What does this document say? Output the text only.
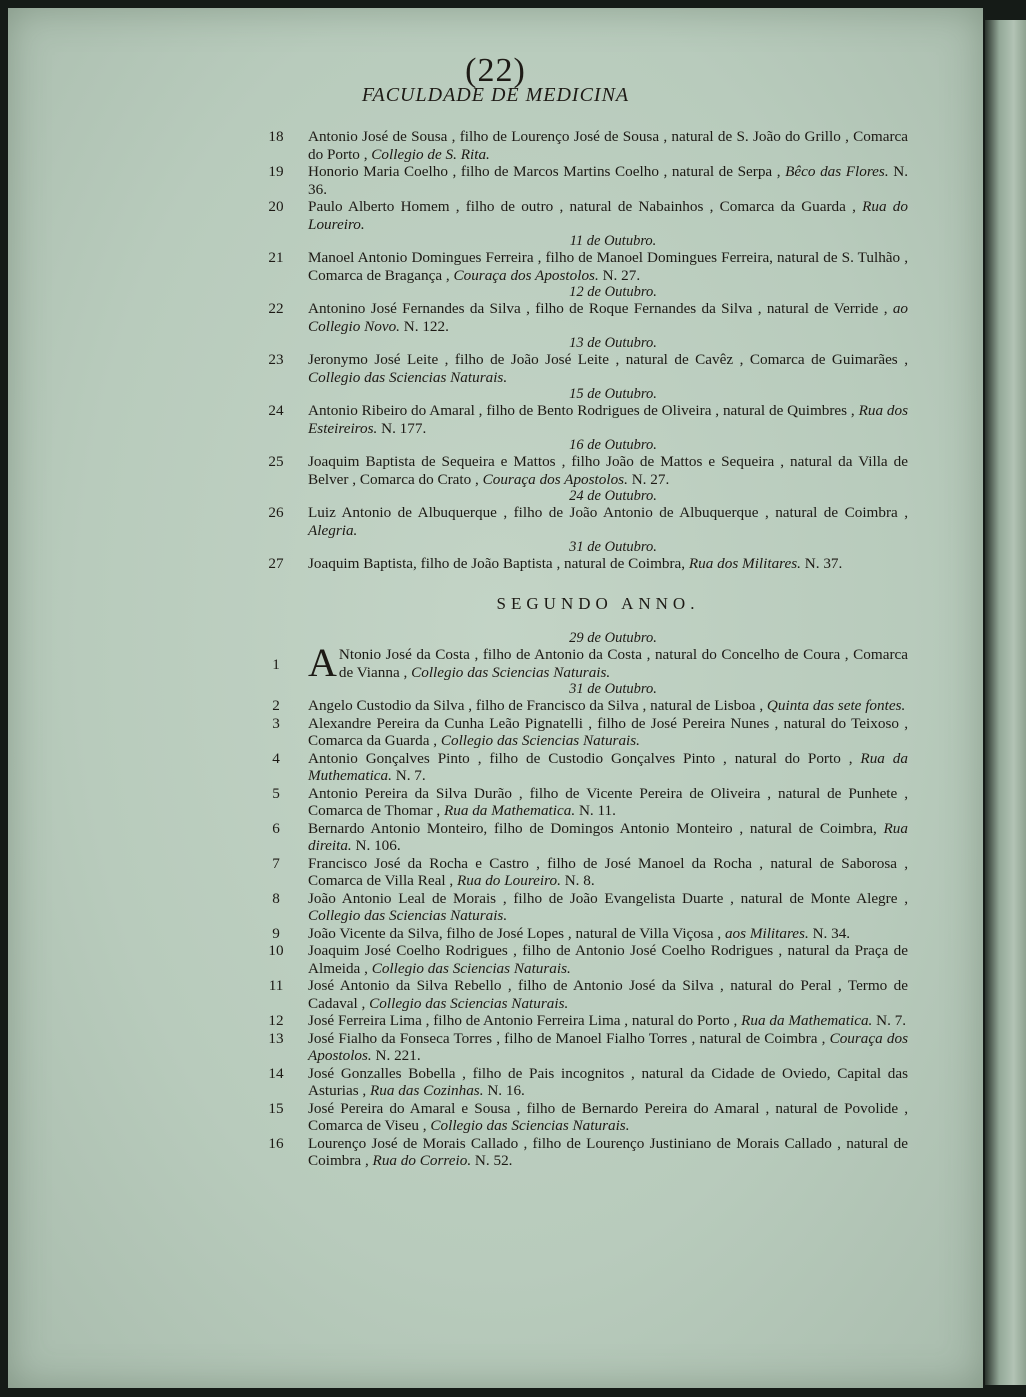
(22)
FACULDADE DE MEDICINA
18	Antonio José de Sousa , filho de Lourenço José de Sousa , natural de S. João do Grillo , Comarca do Porto , Collegio de S. Rita.
19	Honorio Maria Coelho , filho de Marcos Martins Coelho , natural de Serpa , Bêco das Flores. N. 36.
20	Paulo Alberto Homem , filho de outro , natural de Nabainhos , Comarca da Guarda , Rua do Loureiro.
11 de Outubro.
21	Manoel Antonio Domingues Ferreira , filho de Manoel Domingues Ferreira, natural de S. Tulhão , Comarca de Bragança , Couraça dos Apostolos. N. 27.
12 de Outubro.
22	Antonino José Fernandes da Silva , filho de Roque Fernandes da Silva , natural de Verride , ao Collegio Novo. N. 122.
13 de Outubro.
23	Jeronymo José Leite , filho de João José Leite , natural de Cavêz , Comarca de Guimarães , Collegio das Sciencias Naturais.
15 de Outubro.
24	Antonio Ribeiro do Amaral , filho de Bento Rodrigues de Oliveira , natural de Quimbres , Rua dos Esteireiros. N. 177.
16 de Outubro.
25	Joaquim Baptista de Sequeira e Mattos , filho João de Mattos e Sequeira , natural da Villa de Belver , Comarca do Crato , Couraça dos Apostolos. N. 27.
24 de Outubro.
26	Luiz Antonio de Albuquerque , filho de João Antonio de Albuquerque , natural de Coimbra , Alegria.
31 de Outubro.
27	Joaquim Baptista, filho de João Baptista , natural de Coimbra, Rua dos Militares. N. 37.
SEGUNDO ANNO.
29 de Outubro.
1 A Ntonio José da Costa , filho de Antonio da Costa , natural do Concelho de Coura , Comarca de Vianna , Collegio das Sciencias Naturais.
31 de Outubro.
2	Angelo Custodio da Silva , filho de Francisco da Silva , natural de Lisboa , Quinta das sete fontes.
3	Alexandre Pereira da Cunha Leão Pignatelli , filho de José Pereira Nunes , natural do Teixoso , Comarca da Guarda , Collegio das Sciencias Naturais.
4	Antonio Gonçalves Pinto , filho de Custodio Gonçalves Pinto , natural do Porto , Rua da Muthematica. N. 7.
5	Antonio Pereira da Silva Durão , filho de Vicente Pereira de Oliveira , natural de Punhete , Comarca de Thomar , Rua da Mathematica. N. 11.
6	Bernardo Antonio Monteiro, filho de Domingos Antonio Monteiro , natural de Coimbra, Rua direita. N. 106.
7	Francisco José da Rocha e Castro , filho de José Manoel da Rocha , natural de Saborosa , Comarca de Villa Real , Rua do Loureiro. N. 8.
8	João Antonio Leal de Morais , filho de João Evangelista Duarte , natural de Monte Alegre , Collegio das Sciencias Naturais.
9	João Vicente da Silva, filho de José Lopes , natural de Villa Viçosa , aos Militares. N. 34.
10	Joaquim José Coelho Rodrigues , filho de Antonio José Coelho Rodrigues , natural da Praça de Almeida , Collegio das Sciencias Naturais.
11	José Antonio da Silva Rebello , filho de Antonio José da Silva , natural do Peral , Termo de Cadaval , Collegio das Sciencias Naturais.
12	José Ferreira Lima , filho de Antonio Ferreira Lima , natural do Porto , Rua da Mathematica. N. 7.
13	José Fialho da Fonseca Torres , filho de Manoel Fialho Torres , natural de Coimbra , Couraça dos Apostolos. N. 221.
14	José Gonzalles Bobella , filho de Pais incognitos , natural da Cidade de Oviedo, Capital das Asturias , Rua das Cozinhas. N. 16.
15	José Pereira do Amaral e Sousa , filho de Bernardo Pereira do Amaral , natural de Povolide , Comarca de Viseu , Collegio das Sciencias Naturais.
16	Lourenço José de Morais Callado , filho de Lourenço Justiniano de Morais Callado , natural de Coimbra , Rua do Correio. N. 52.
